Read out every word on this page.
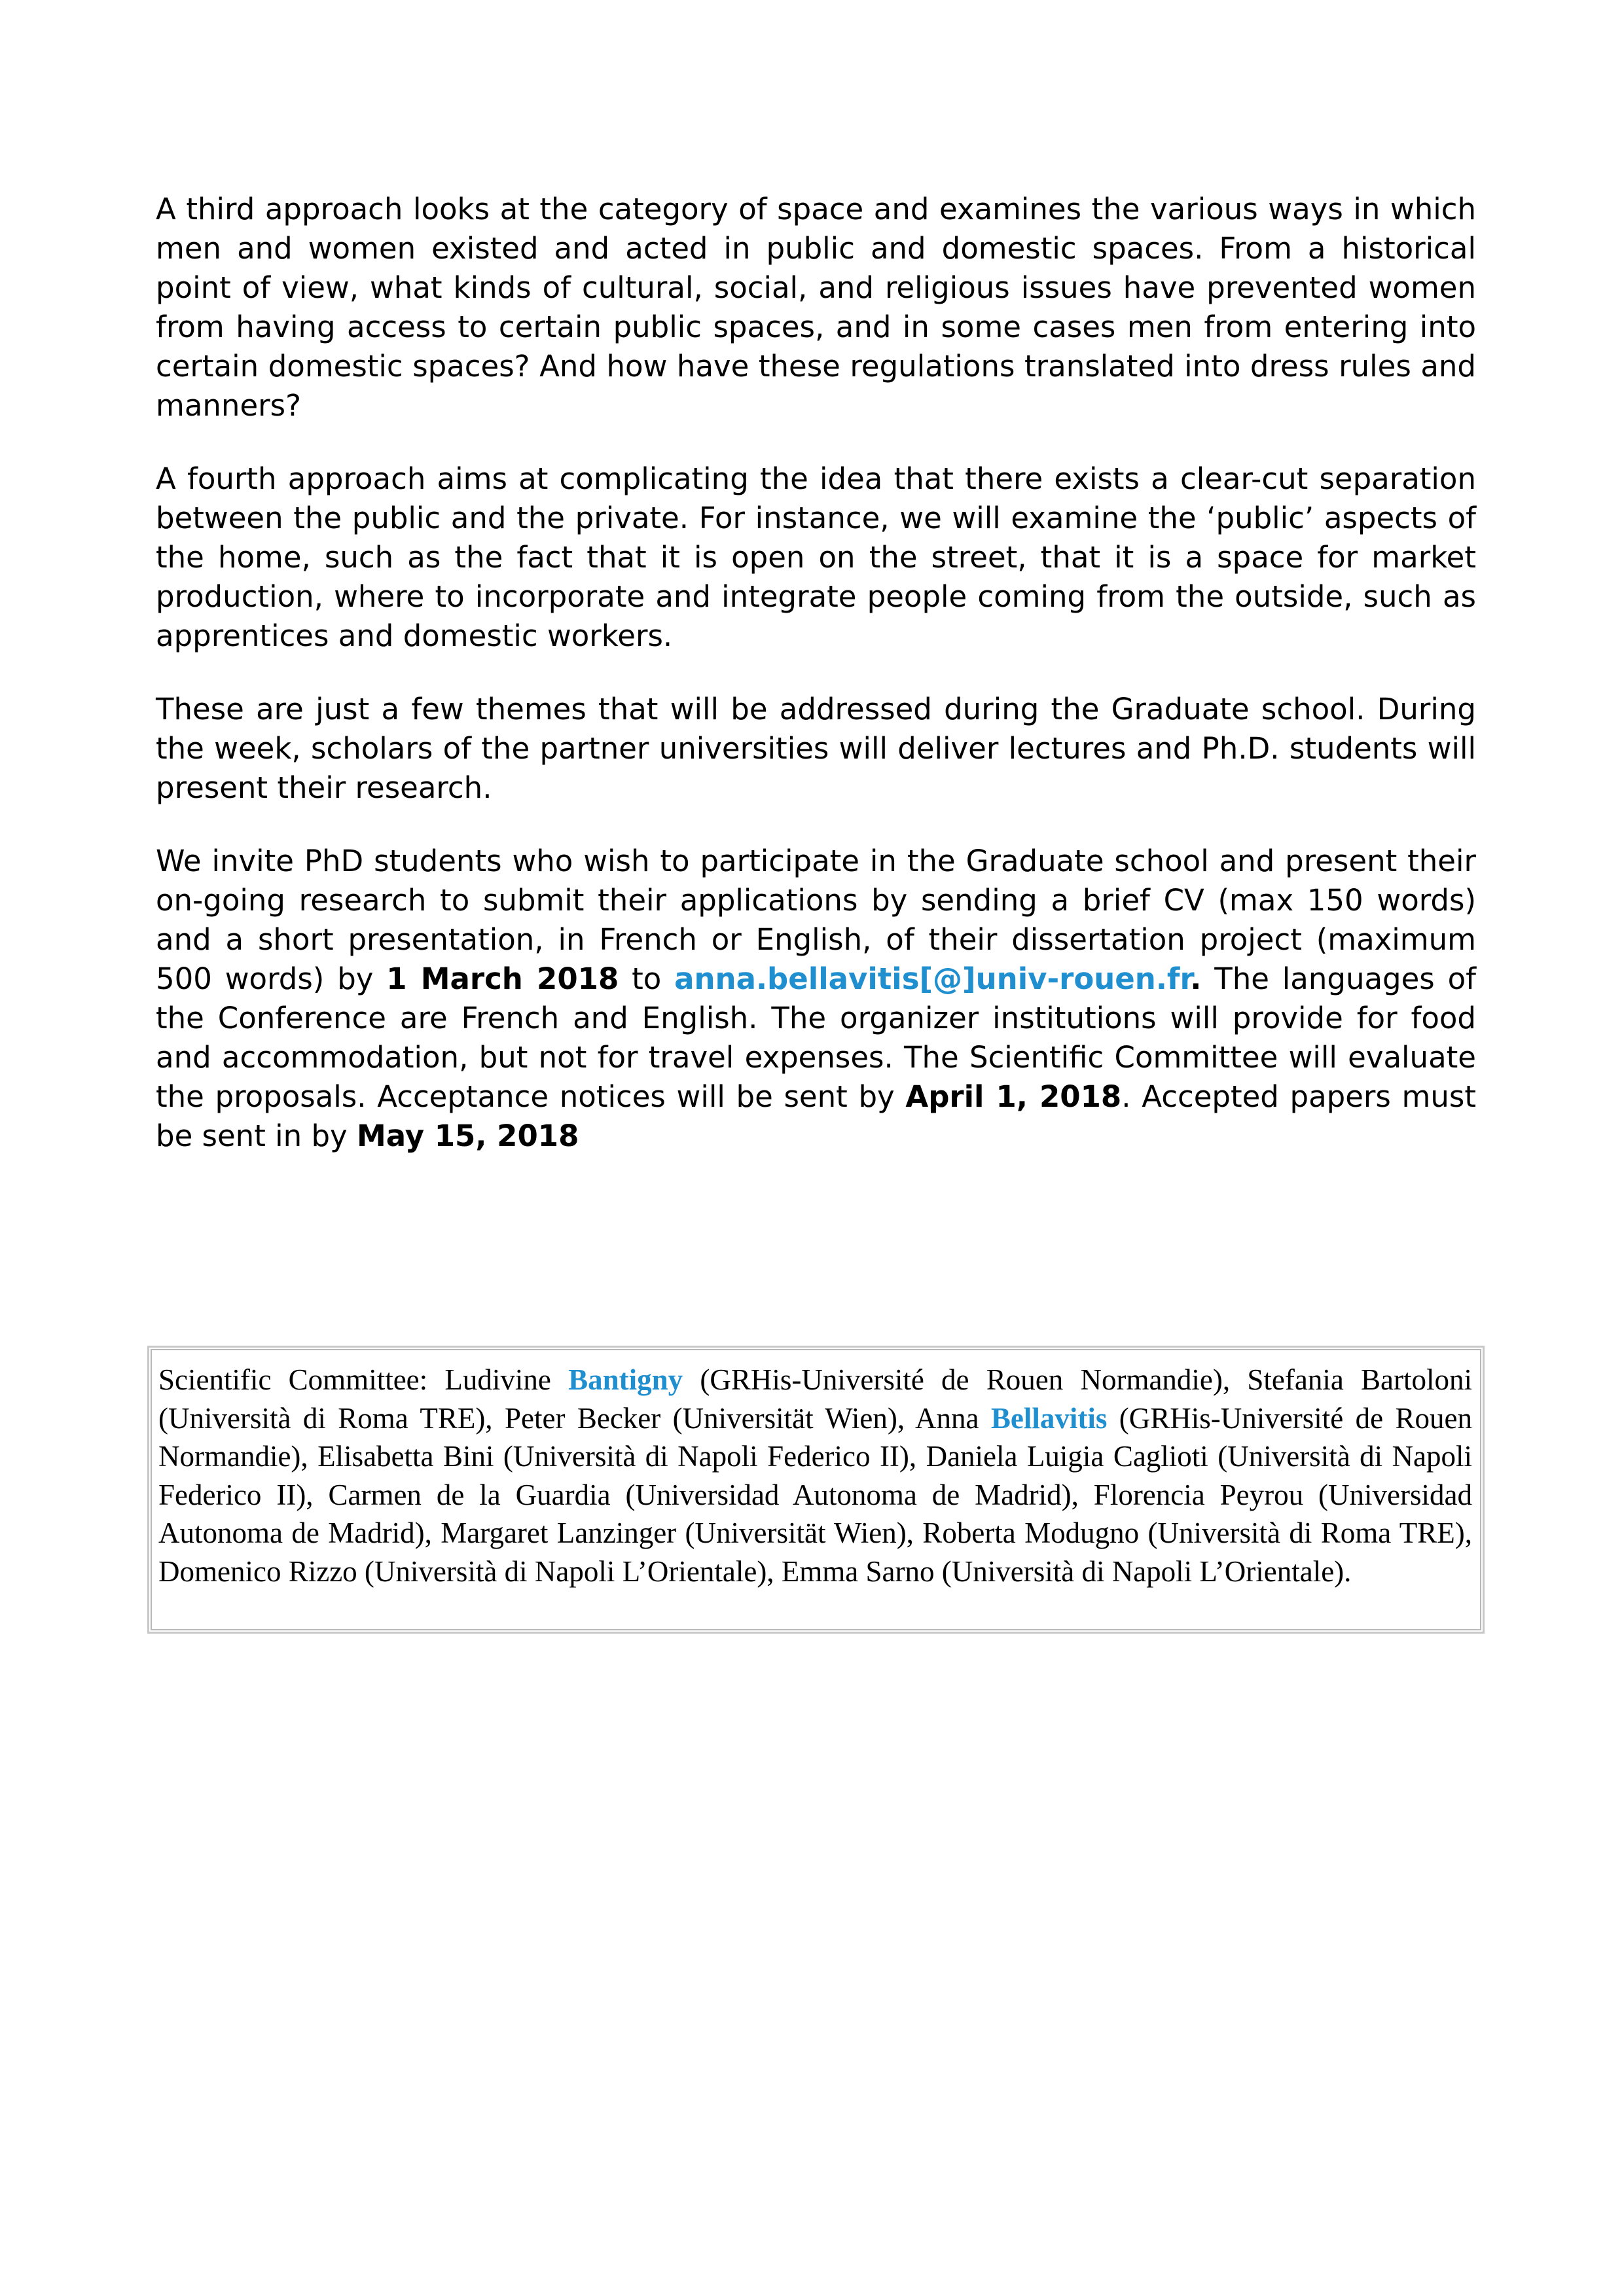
A third approach looks at the category of space and examines the various ways in which men and women existed and acted in public and domestic spaces. From a historical point of view, what kinds of cultural, social, and religious issues have prevented women from having access to certain public spaces, and in some cases men from entering into certain domestic spaces? And how have these regulations translated into dress rules and manners?

A fourth approach aims at complicating the idea that there exists a clear-cut separation between the public and the private. For instance, we will examine the ‘public’ aspects of the home, such as the fact that it is open on the street, that it is a space for market production, where to incorporate and integrate people coming from the outside, such as apprentices and domestic workers.

These are just a few themes that will be addressed during the Graduate school. During the week, scholars of the partner universities will deliver lectures and Ph.D. students will present their research.

We invite PhD students who wish to participate in the Graduate school and present their on-going research to submit their applications by sending a brief CV (max 150 words) and a short presentation, in French or English, of their dissertation project (maximum 500 words) by 1 March 2018 to anna.bellavitis[@]univ-rouen.fr. The languages of the Conference are French and English. The organizer institutions will provide for food and accommodation, but not for travel expenses. The Scientific Committee will evaluate the proposals. Acceptance notices will be sent by April 1, 2018. Accepted papers must be sent in by May 15, 2018

Scientific Committee: Ludivine Bantigny (GRHis-Université de Rouen Normandie), Stefania Bartoloni (Università di Roma TRE), Peter Becker (Universität Wien), Anna Bellavitis (GRHis-Université de Rouen Normandie), Elisabetta Bini (Università di Napoli Federico II), Daniela Luigia Caglioti (Università di Napoli Federico II), Carmen de la Guardia (Universidad Autonoma de Madrid), Florencia Peyrou (Universidad Autonoma de Madrid), Margaret Lanzinger (Universität Wien), Roberta Modugno (Università di Roma TRE), Domenico Rizzo (Università di Napoli L’Orientale), Emma Sarno (Università di Napoli L’Orientale).
